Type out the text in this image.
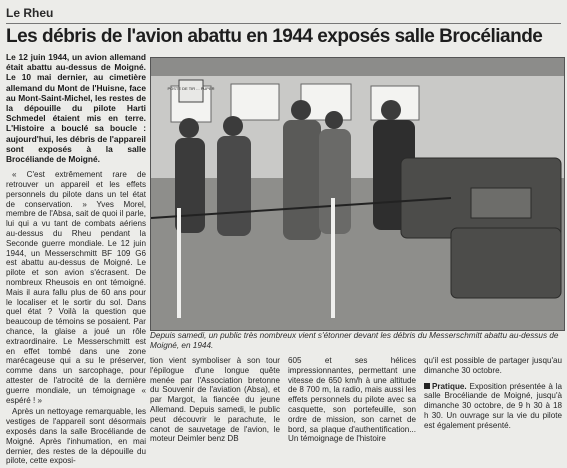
Le Rheu
Les débris de l'avion abattu en 1944 exposés salle Brocéliande

Le 12 juin 1944, un avion allemand était abattu au-dessus de Moigné. Le 10 mai dernier, au cimetière allemand du Mont de l'Huisne, face au Mont-Saint-Michel, les restes de la dépouille du pilote Harti Schmedel étaient mis en terre. L'Histoire a bouclé sa boucle : aujourd'hui, les débris de l'appareil sont exposés à la salle Brocéliande de Moigné.

« C'est extrêmement rare de retrouver un appareil et les effets personnels du pilote dans un tel état de conservation. » Yves Morel, membre de l'Absa, sait de quoi il parle, lui qui a vu tant de combats aériens au-dessus du Rheu pendant la Seconde guerre mondiale. Le 12 juin 1944, un Messerschmitt BF 109 G6 est abattu au-dessus de Moigné. Le pilote et son avion s'écrasent. De nombreux Rheusois en ont témoigné. Mais il aura fallu plus de 60 ans pour le localiser et le sortir du sol. Dans quel état ? Voilà la question que beaucoup de témoins se posaient. Par chance, la glaise a joué un rôle extraordinaire. Le Messerschmitt est en effet tombé dans une zone marécageuse qui a su le préserver, comme dans un sarcophage, pour attester de l'atrocité de la dernière guerre mondiale, un témoignage « espéré ! »

Après un nettoyage remarquable, les vestiges de l'appareil sont désormais exposés dans la salle Brocéliande de Moigné. Après l'inhumation, en mai dernier, des restes de la dépouille du pilote, cette exposi-

POSTE DE TIR ... PUPER
Depuis samedi, un public très nombreux vient s'étonner devant les débris du Messerschmitt abattu au-dessus de Moigné, en 1944.

tion vient symboliser à son tour l'épilogue d'une longue quête menée par l'Association bretonne du Souvenir de l'aviation (Absa), et par Margot, la fiancée du jeune Allemand. Depuis samedi, le public peut découvrir le parachute, le canot de sauvetage de l'avion, le moteur Deimler benz DB

605 et ses hélices impressionnantes, permettant une vitesse de 650 km/h à une altitude de 8 700 m, la radio, mais aussi les effets personnels du pilote avec sa casquette, son portefeuille, son ordre de mission, son carnet de bord, sa plaque d'authentification... Un témoignage de l'histoire

qu'il est possible de partager jusqu'au dimanche 30 octobre.

Pratique. Exposition présentée à la salle Brocéliande de Moigné, jusqu'à dimanche 30 octobre, de 9 h 30 à 18 h 30. Un ouvrage sur la vie du pilote est également présenté.
